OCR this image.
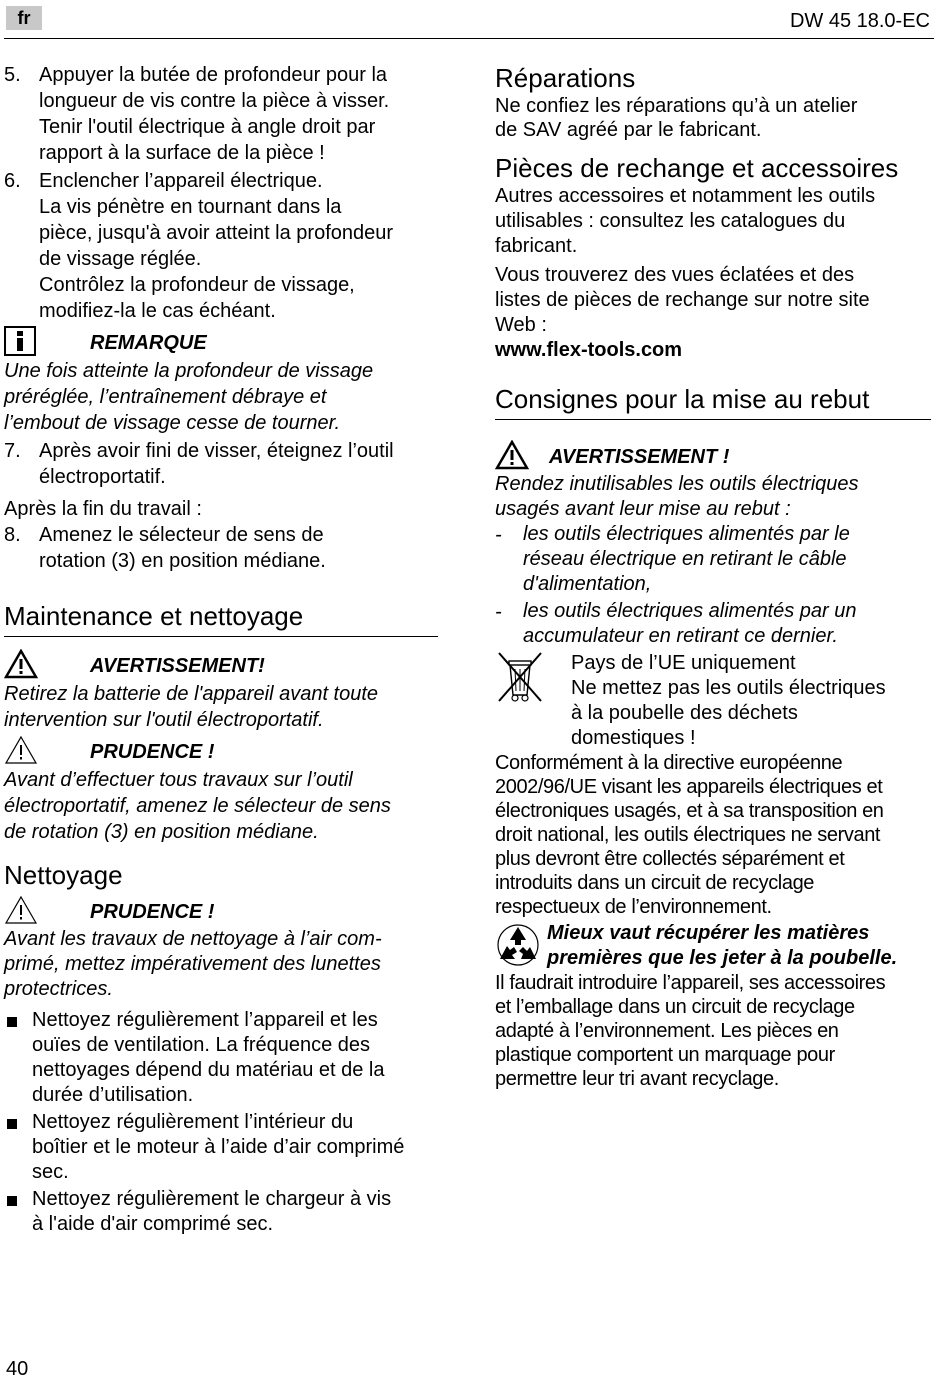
fr	DW 45 18.0-EC
5. Appuyer la butée de profondeur pour la
longueur de vis contre la pièce à visser.
Tenir l'outil électrique à angle droit par
rapport à la surface de la pièce !
6. Enclencher l’appareil électrique.
La vis pénètre en tournant dans la
pièce, jusqu'à avoir atteint la profondeur
de vissage réglée.
Contrôlez la profondeur de vissage,
modifiez-la le cas échéant.
REMARQUE
Une fois atteinte la profondeur de vissage
préréglée, l’entraînement débraye et
l’embout de vissage cesse de tourner.
7. Après avoir fini de visser, éteignez l’outil
électroportatif.
Après la fin du travail :
8. Amenez le sélecteur de sens de
rotation (3) en position médiane.
Maintenance et nettoyage
AVERTISSEMENT!
Retirez la batterie de l'appareil avant toute
intervention sur l'outil électroportatif.
PRUDENCE !
Avant d’effectuer tous travaux sur l’outil
électroportatif, amenez le sélecteur de sens
de rotation (3) en position médiane.
Nettoyage
PRUDENCE !
Avant les travaux de nettoyage à l’air com-
primé, mettez impérativement des lunettes
protectrices.
Nettoyez régulièrement l’appareil et les
ouïes de ventilation. La fréquence des
nettoyages dépend du matériau et de la
durée d’utilisation.
Nettoyez régulièrement l’intérieur du
boîtier et le moteur à l’aide d’air comprimé
sec.
Nettoyez régulièrement le chargeur à vis
à l'aide d'air comprimé sec.
Réparations
Ne confiez les réparations qu’à un atelier
de SAV agréé par le fabricant.
Pièces de rechange et accessoires
Autres accessoires et notamment les outils
utilisables : consultez les catalogues du
fabricant.
Vous trouverez des vues éclatées et des
listes de pièces de rechange sur notre site
Web :
www.flex-tools.com
Consignes pour la mise au rebut
AVERTISSEMENT !
Rendez inutilisables les outils électriques
usagés avant leur mise au rebut :
- les outils électriques alimentés par le
réseau électrique en retirant le câble
d'alimentation,
- les outils électriques alimentés par un
accumulateur en retirant ce dernier.
Pays de l’UE uniquement
Ne mettez pas les outils électriques
à la poubelle des déchets
domestiques !
Conformément à la directive européenne
2002/96/UE visant les appareils électriques et
électroniques usagés, et à sa transposition en
droit national, les outils électriques ne servant
plus devront être collectés séparément et
introduits dans un circuit de recyclage
respectueux de l’environnement.
Mieux vaut récupérer les matières
premières que les jeter à la poubelle.
Il faudrait introduire l’appareil, ses accessoires
et l’emballage dans un circuit de recyclage
adapté à l’environnement. Les pièces en
plastique comportent un marquage pour
permettre leur tri avant recyclage.
40
